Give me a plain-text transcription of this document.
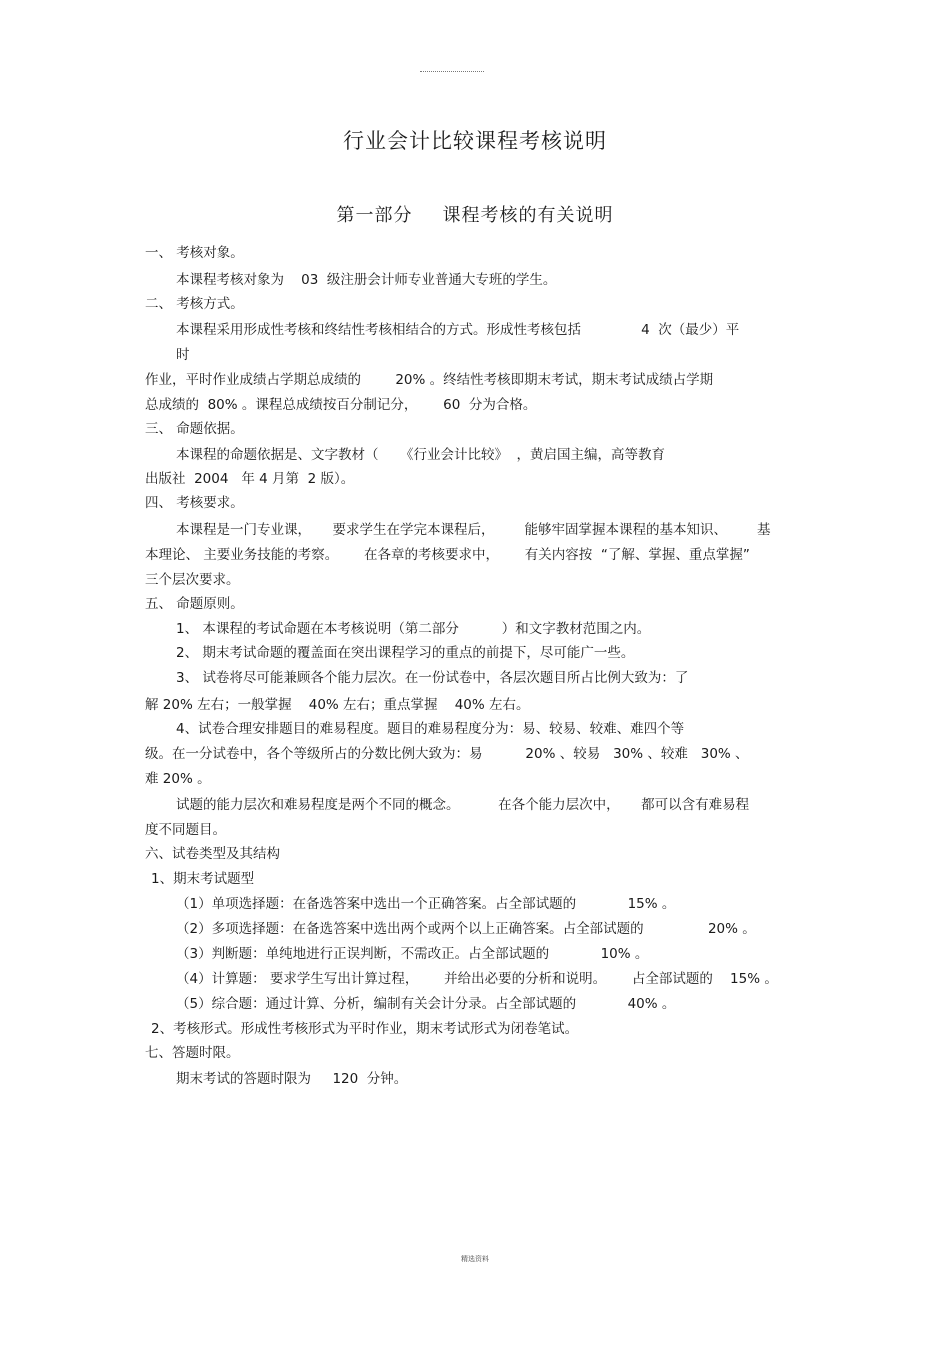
行业会计比较课程考核说明
第一部分 课程考核的有关说明
一、 考核对象。
本课程考核对象为    03  级注册会计师专业普通大专班的学生。
二、 考核方式。
本课程采用形成性考核和终结性考核相结合的方式。形成性考核包括              4  次（最少）平
时
作业，平时作业成绩占学期总成绩的        20% 。终结性考核即期末考试，期末考试成绩占学期
总成绩的  80% 。课程总成绩按百分制记分，      60  分为合格。
三、 命题依据。
本课程的命题依据是、文字教材（     《行业会计比较》  ，黄启国主编，高等教育
出版社  2004   年 4 月第  2 版）。
四、 考核要求。
本课程是一门专业课，     要求学生在学完本课程后，       能够牢固掌握本课程的基本知识、       基
本理论、 主要业务技能的考察。      在各章的考核要求中，      有关内容按  “了解、掌握、重点掌握”
三个层次要求。
五、 命题原则。
1、 本课程的考试命题在本考核说明（第二部分          ）和文字教材范围之内。
2、 期末考试命题的覆盖面在突出课程学习的重点的前提下，尽可能广一些。
3、 试卷将尽可能兼顾各个能力层次。在一份试卷中，各层次题目所占比例大致为：了
解 20% 左右；一般掌握    40% 左右；重点掌握    40% 左右。
4、试卷合理安排题目的难易程度。题目的难易程度分为：易、较易、较难、难四个等
级。在一分试卷中，各个等级所占的分数比例大致为：易          20% 、较易   30% 、较难   30% 、
难 20% 。
试题的能力层次和难易程度是两个不同的概念。         在各个能力层次中，     都可以含有难易程
度不同题目。
六、试卷类型及其结构
1、期末考试题型
（1）单项选择题：在备选答案中选出一个正确答案。占全部试题的            15% 。
（2）多项选择题：在备选答案中选出两个或两个以上正确答案。占全部试题的               20% 。
（3）判断题：单纯地进行正误判断，不需改正。占全部试题的            10% 。
（4）计算题： 要求学生写出计算过程，      并给出必要的分析和说明。      占全部试题的    15% 。
（5）综合题：通过计算、分析，编制有关会计分录。占全部试题的            40% 。
2、考核形式。形成性考核形式为平时作业，期末考试形式为闭卷笔试。
七、答题时限。
期末考试的答题时限为     120  分钟。
精选资料
